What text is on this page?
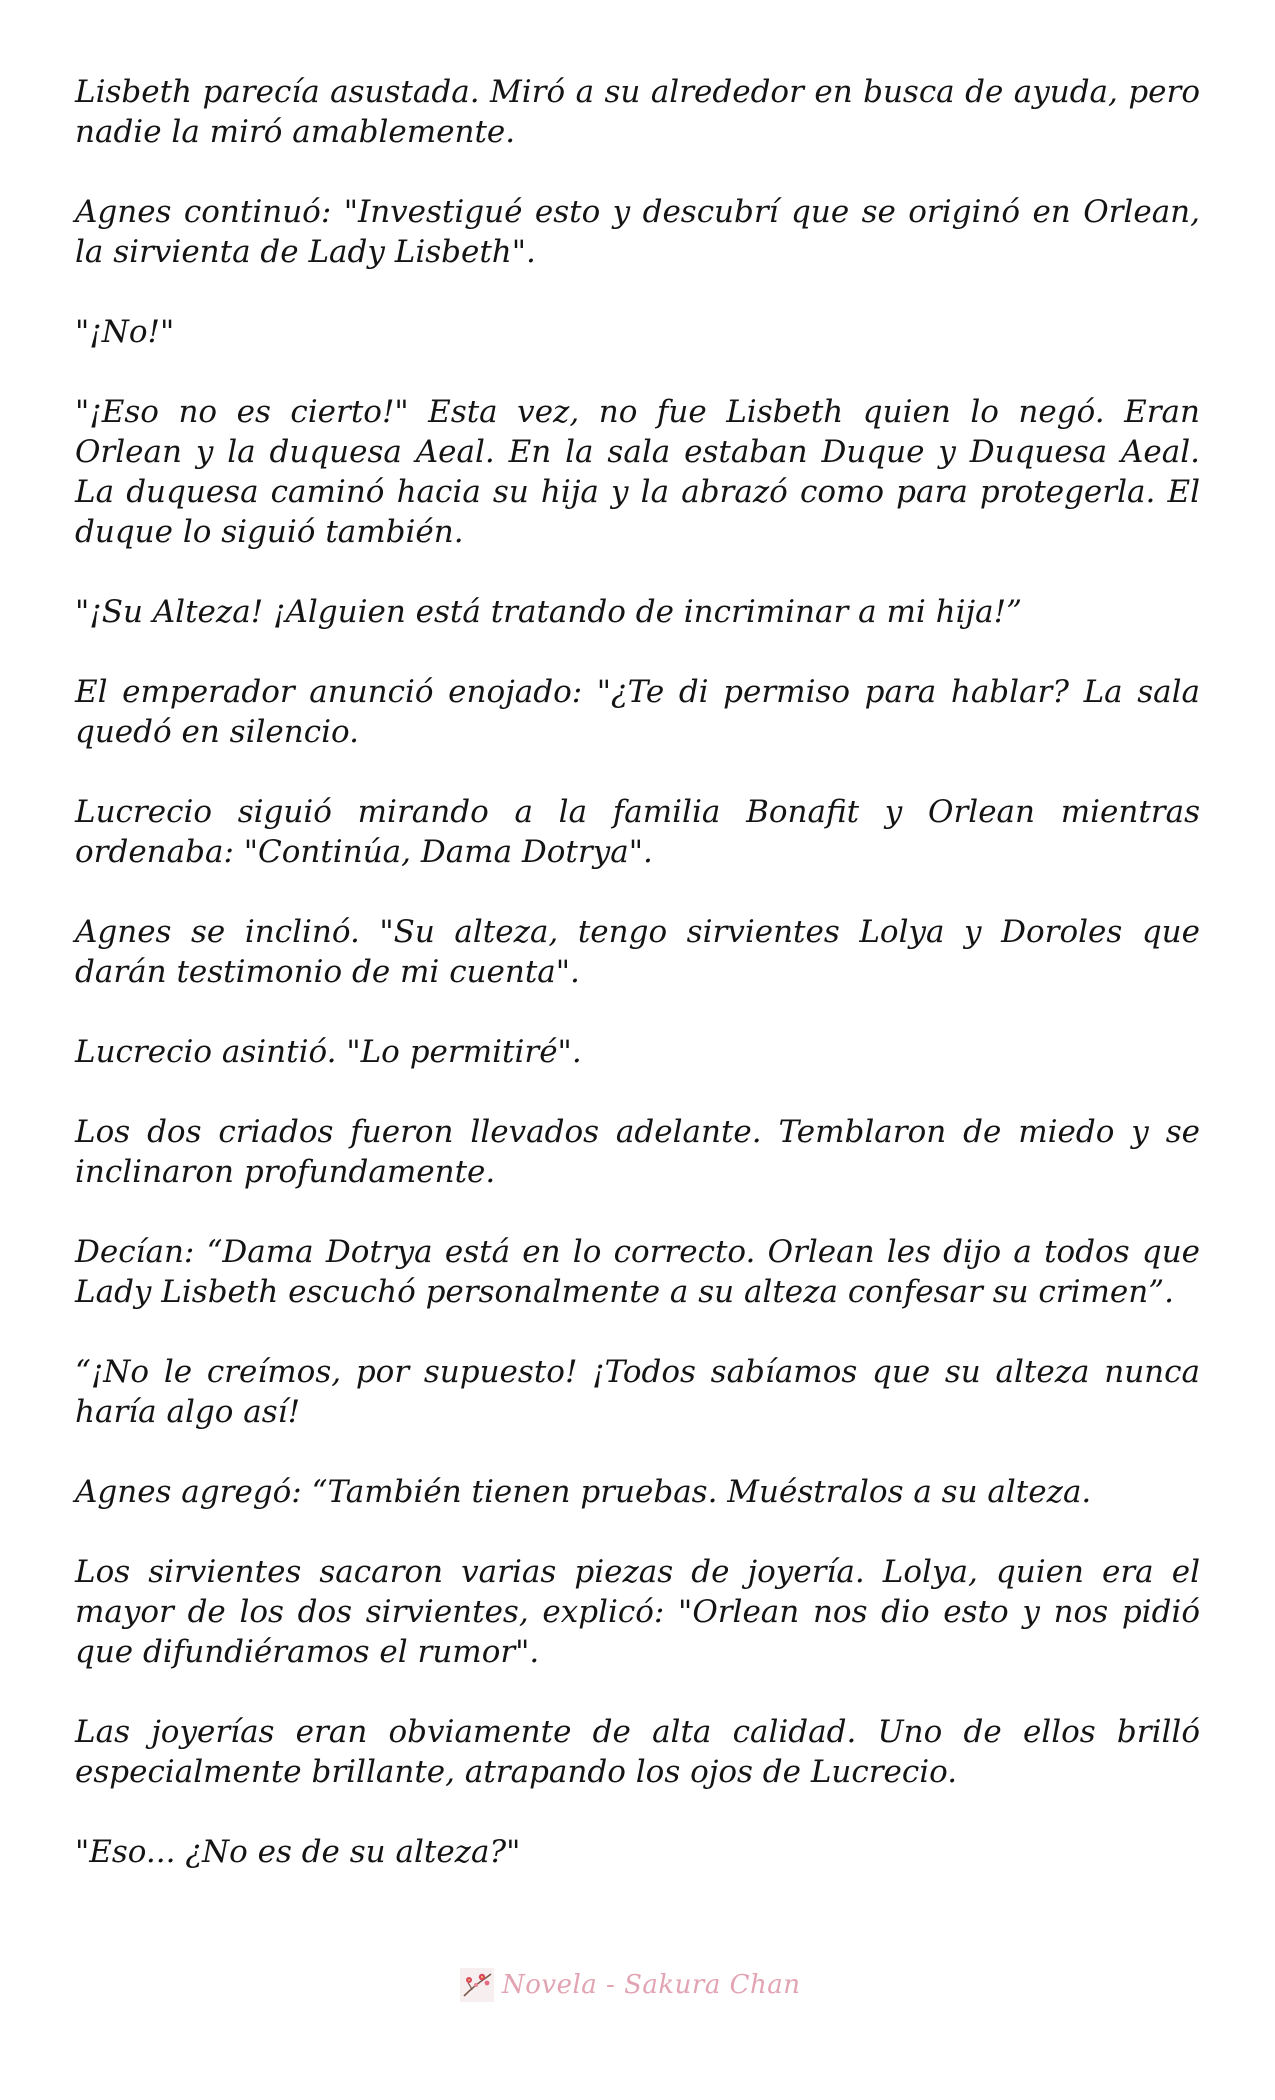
Lisbeth parecía asustada. Miró a su alrededor en busca de ayuda, pero nadie la miró amablemente.

Agnes continuó: "Investigué esto y descubrí que se originó en Orlean, la sirvienta de Lady Lisbeth".

"¡No!"

"¡Eso no es cierto!" Esta vez, no fue Lisbeth quien lo negó. Eran Orlean y la duquesa Aeal. En la sala estaban Duque y Duquesa Aeal. La duquesa caminó hacia su hija y la abrazó como para protegerla. El duque lo siguió también.

"¡Su Alteza! ¡Alguien está tratando de incriminar a mi hija!”

El emperador anunció enojado: "¿Te di permiso para hablar? La sala quedó en silencio.

Lucrecio siguió mirando a la familia Bonafit y Orlean mientras ordenaba: "Continúa, Dama Dotrya".

Agnes se inclinó. "Su alteza, tengo sirvientes Lolya y Doroles que darán testimonio de mi cuenta".

Lucrecio asintió. "Lo permitiré".

Los dos criados fueron llevados adelante. Temblaron de miedo y se inclinaron profundamente.

Decían: “Dama Dotrya está en lo correcto. Orlean les dijo a todos que Lady Lisbeth escuchó personalmente a su alteza confesar su crimen”.

“¡No le creímos, por supuesto! ¡Todos sabíamos que su alteza nunca haría algo así!

Agnes agregó: “También tienen pruebas. Muéstralos a su alteza.

Los sirvientes sacaron varias piezas de joyería. Lolya, quien era el mayor de los dos sirvientes, explicó: "Orlean nos dio esto y nos pidió que difundiéramos el rumor".

Las joyerías eran obviamente de alta calidad. Uno de ellos brilló especialmente brillante, atrapando los ojos de Lucrecio.

"Eso... ¿No es de su alteza?"

Novela - Sakura Chan
